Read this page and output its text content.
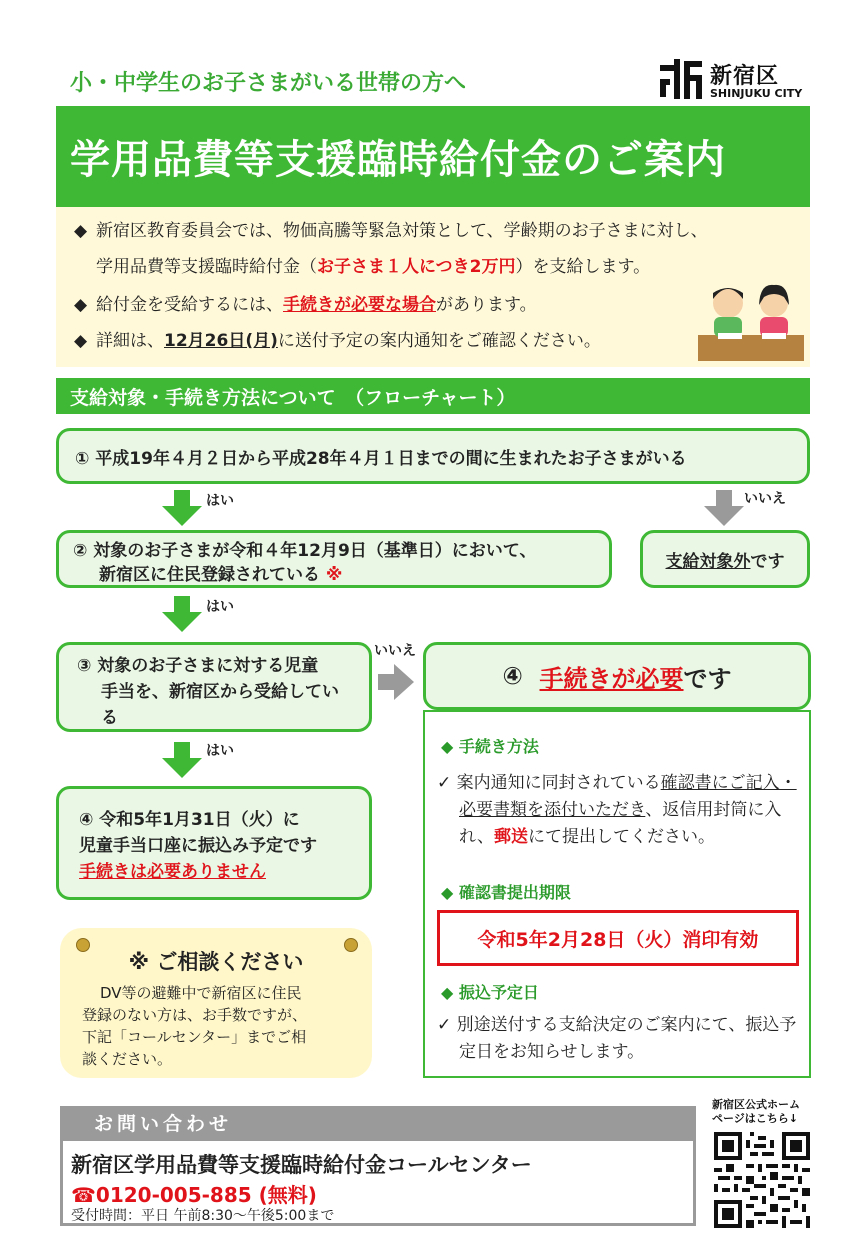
小・中学生のお子さまがいる世帯の方へ	新宿区
SHINJUKU CITY
学用品費等支援臨時給付金のご案内
◆ 新宿区教育委員会では、物価高騰等緊急対策として、学齢期のお子さまに対し、
学用品費等支援臨時給付金（お子さま１人につき2万円）を支給します。
◆ 給付金を受給するには、手続きが必要な場合があります。
◆ 詳細は、12月26日(月)に送付予定の案内通知をご確認ください。
支給対象・手続き方法について　（フローチャート）
① 平成19年４月２日から平成28年４月１日までの間に生まれたお子さまがいる
はい	いいえ
② 対象のお子さまが令和４年12月9日（基準日）において、
新宿区に住民登録されている ※
支給対象外 です
はい
③ 対象のお子さまに対する児童
手当を、新宿区から受給してい
る
いいえ
④
手続きが必要 です
はい
④ 令和5年1月31日（火）に
児童手当口座に振込み予定です
手続きは必要ありません
◆ 手続き方法
✓ 案内通知に同封されている確認書にご記入・必要書類を添付いただき、返信用封筒に入れ、郵送にて提出してください。
◆ 確認書提出期限
令和5年2月28日（火）消印有効
◆ 振込予定日
✓ 別途送付する支給決定のご案内にて、振込予定日をお知らせします。
※ ご相談ください
DV等の避難中で新宿区に住民
登録のない方は、お手数ですが、
下記「コールセンター」までご相
談ください。
お問い合わせ
新宿区学用品費等支援臨時給付金コールセンター
☎0120-005-885 (無料)
受付時間：平日 午前8:30～午後5:00まで
新宿区公式ホーム
ページはこちら↓
